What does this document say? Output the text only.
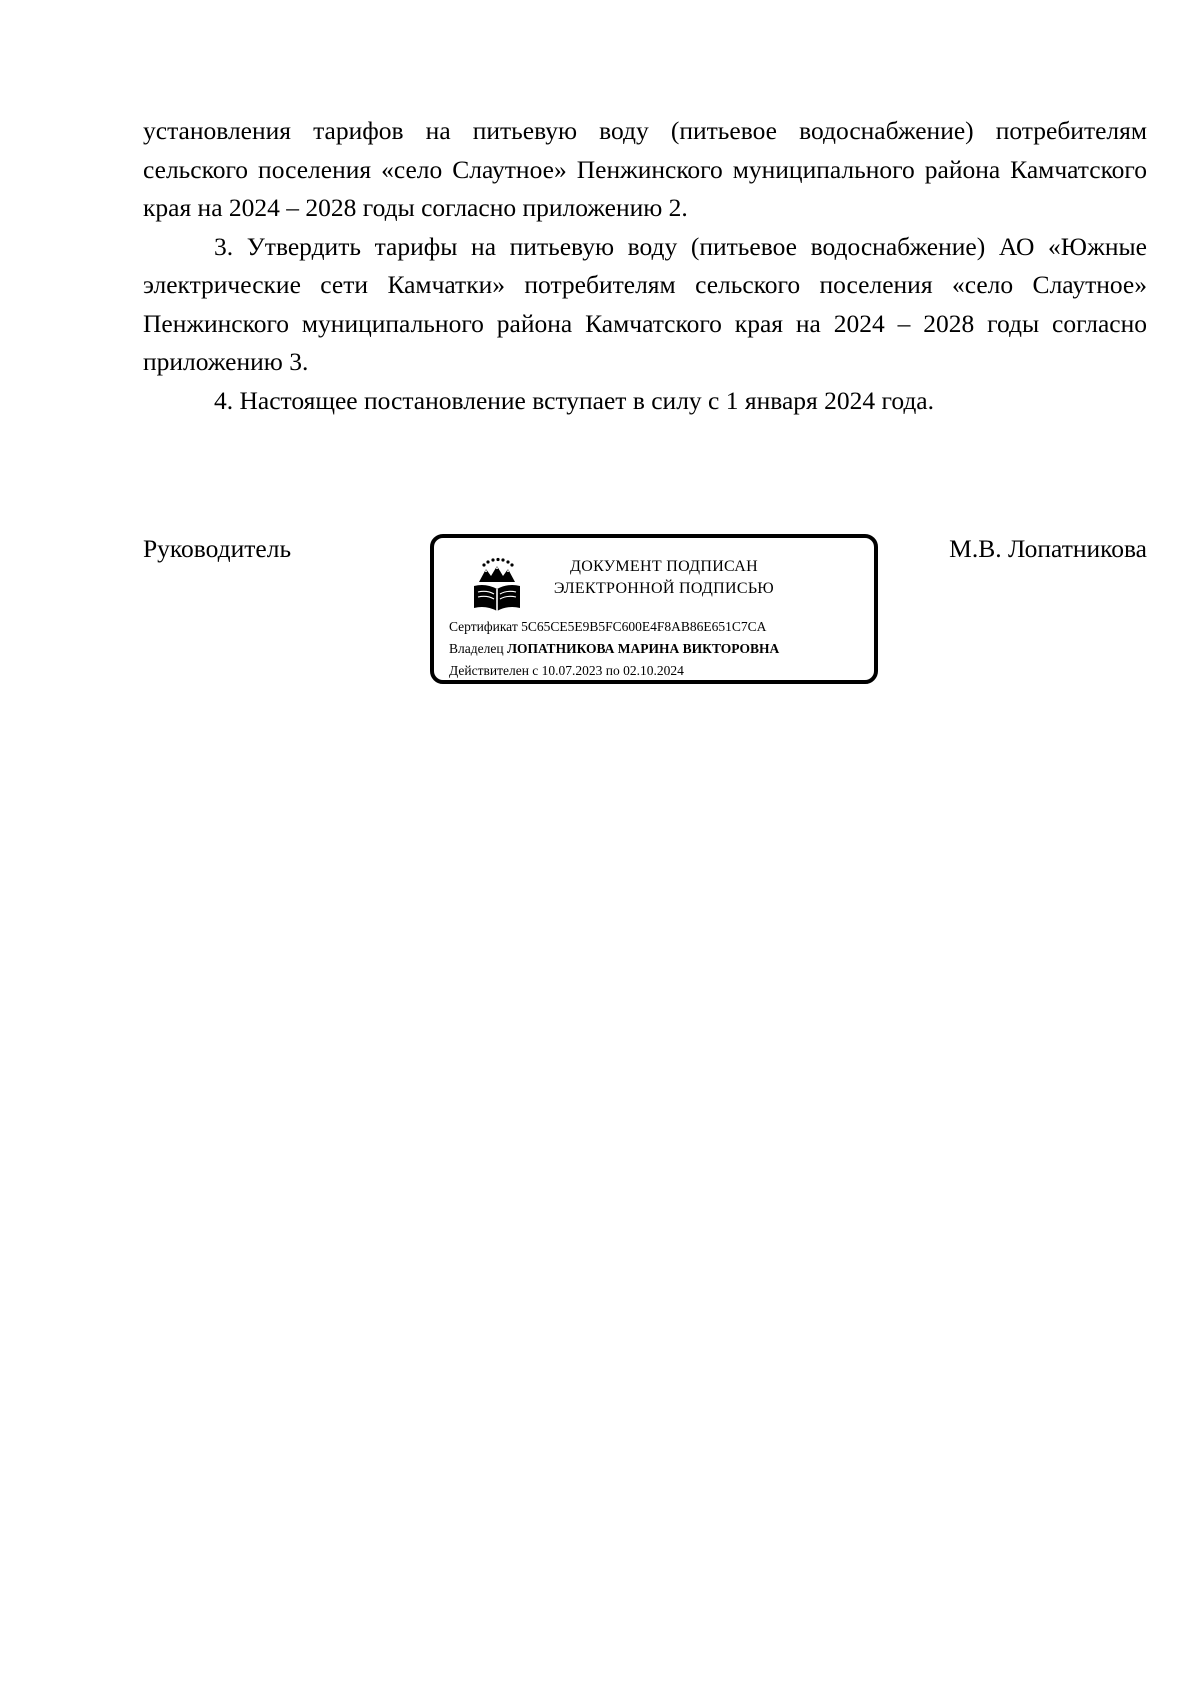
установления тарифов на питьевую воду (питьевое водоснабжение) потребителям сельского поселения «село Слаутное» Пенжинского муниципального района Камчатского края на 2024 – 2028 годы согласно приложению 2.

3. Утвердить тарифы на питьевую воду (питьевое водоснабжение) АО «Южные электрические сети Камчатки» потребителям сельского поселения «село Слаутное» Пенжинского муниципального района Камчатского края на 2024 – 2028 годы согласно приложению 3.

4. Настоящее постановление вступает в силу с 1 января 2024 года.

Руководитель
ДОКУМЕНТ ПОДПИСАН
ЭЛЕКТРОННОЙ ПОДПИСЬЮ
Сертификат 5C65CE5E9B5FC600E4F8AB86E651C7CA
Владелец ЛОПАТНИКОВА МАРИНА ВИКТОРОВНА
Действителен с 10.07.2023 по 02.10.2024
М.В. Лопатникова
